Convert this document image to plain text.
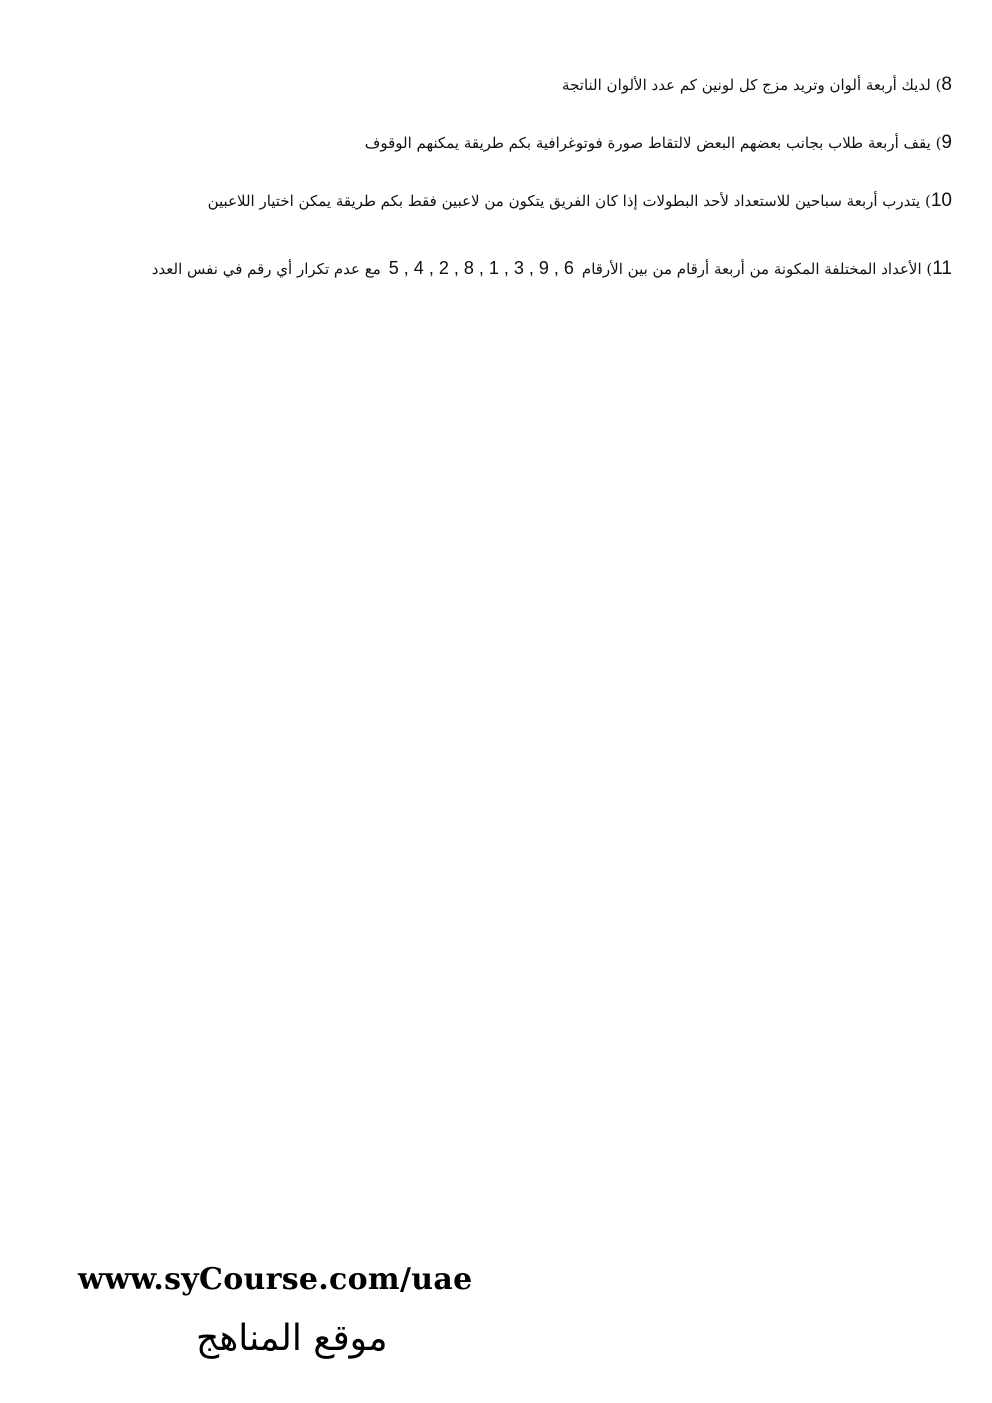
8) لديك أربعة ألوان وتريد مزج كل لونين كم عدد الألوان الناتجة

9) يقف أربعة طلاب بجانب بعضهم البعض لالتقاط صورة فوتوغرافية بكم طريقة يمكنهم الوقوف

10) يتدرب أربعة سباحين للاستعداد لأحد البطولات إذا كان الفريق يتكون من لاعبين فقط بكم طريقة يمكن اختيار اللاعبين

11) الأعداد المختلفة المكونة من أربعة أرقام من بين الأرقام5 , 4 , 2 , 8 , 1 , 3 , 9 , 6مع عدم تكرار أي رقم في نفس العدد

www.syCourse.com/uae
موقع المناهج
